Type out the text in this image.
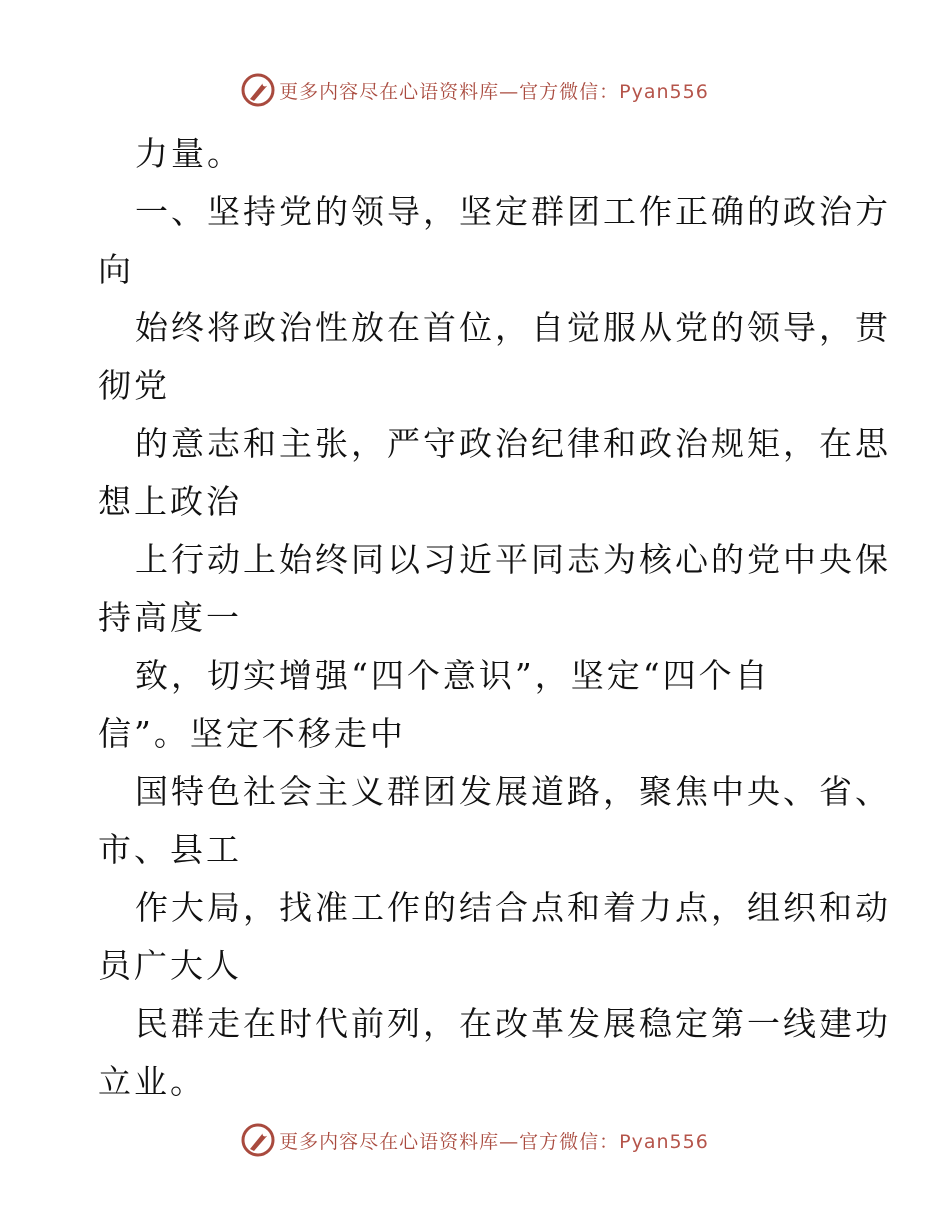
更多内容尽在心语资料库—官方微信：Pyan556
力量。
一、坚持党的领导，坚定群团工作正确的政治方
向
始终将政治性放在首位，自觉服从党的领导，贯
彻党
的意志和主张，严守政治纪律和政治规矩，在思
想上政治
上行动上始终同以习近平同志为核心的党中央保
持高度一
致，切实增强“四个意识”，坚定“四个自
信”。坚定不移走中
国特色社会主义群团发展道路，聚焦中央、省、
市、县工
作大局，找准工作的结合点和着力点，组织和动
员广大人
民群走在时代前列，在改革发展稳定第一线建功
立业。
更多内容尽在心语资料库—官方微信：Pyan556
